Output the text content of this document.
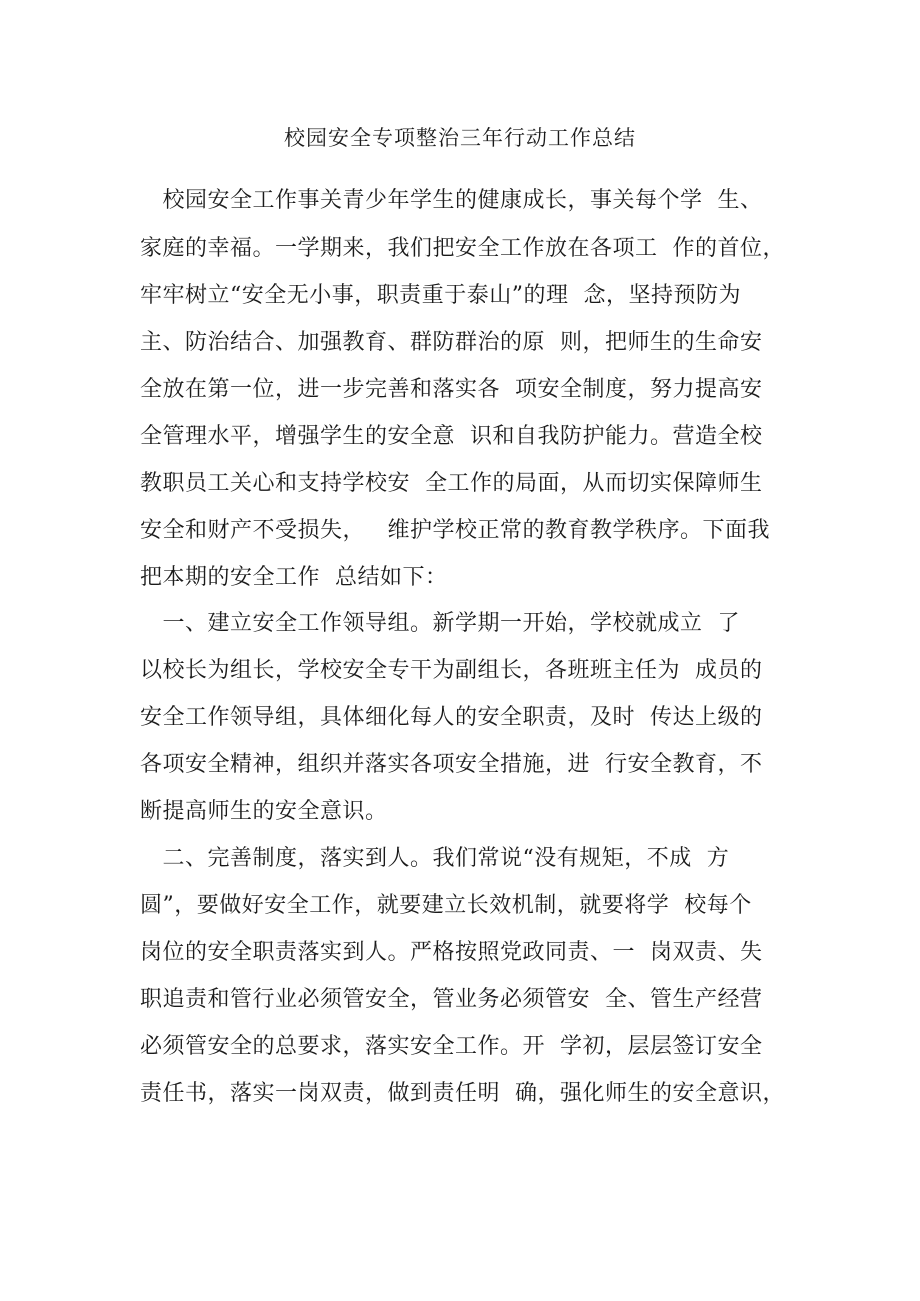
校园安全专项整治三年行动工作总结
　校园安全工作事关青少年学生的健康成长，事关每个学  生、
家庭的幸福。一学期来，我们把安全工作放在各项工  作的首位，
牢牢树立“安全无小事，职责重于泰山”的理  念，坚持预防为
主、防治结合、加强教育、群防群治的原  则，把师生的生命安
全放在第一位，进一步完善和落实各  项安全制度，努力提高安
全管理水平，增强学生的安全意  识和自我防护能力。营造全校
教职员工关心和支持学校安  全工作的局面，从而切实保障师生
安全和财产不受损失，   维护学校正常的教育教学秩序。下面我
把本期的安全工作  总结如下：
　一、建立安全工作领导组。新学期一开始，学校就成立  了
以校长为组长，学校安全专干为副组长，各班班主任为  成员的
安全工作领导组，具体细化每人的安全职责，及时  传达上级的
各项安全精神，组织并落实各项安全措施，进  行安全教育，不
断提高师生的安全意识。
　二、完善制度，落实到人。我们常说“没有规矩，不成  方
圆”，要做好安全工作，就要建立长效机制，就要将学  校每个
岗位的安全职责落实到人。严格按照党政同责、一  岗双责、失
职追责和管行业必须管安全，管业务必须管安  全、管生产经营
必须管安全的总要求，落实安全工作。开  学初，层层签订安全
责任书，落实一岗双责，做到责任明  确，强化师生的安全意识，
